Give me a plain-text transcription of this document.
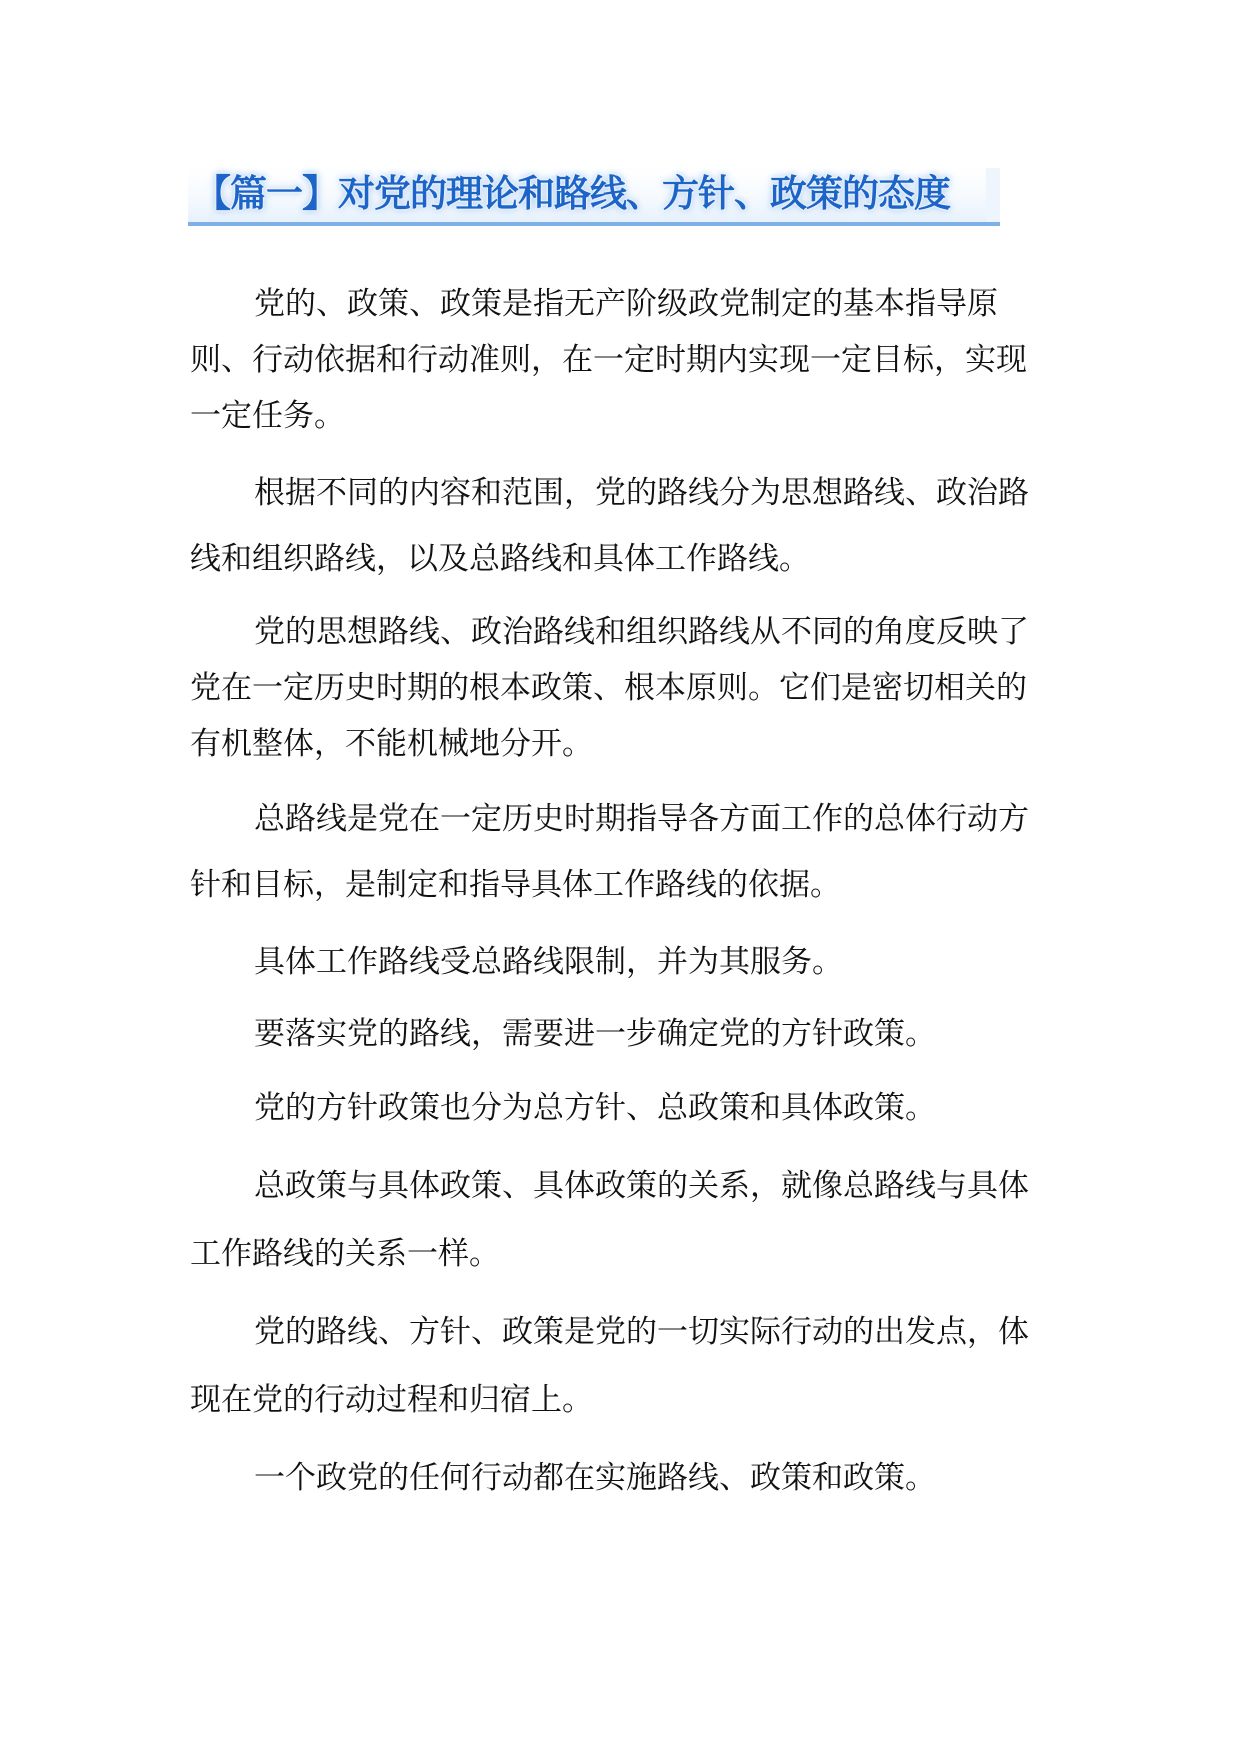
【篇一】对党的理论和路线、方针、政策的态度

党的、政策、政策是指无产阶级政党制定的基本指导原则、行动依据和行动准则，在一定时期内实现一定目标，实现一定任务。

根据不同的内容和范围，党的路线分为思想路线、政治路线和组织路线，以及总路线和具体工作路线。

党的思想路线、政治路线和组织路线从不同的角度反映了党在一定历史时期的根本政策、根本原则。它们是密切相关的有机整体，不能机械地分开。

总路线是党在一定历史时期指导各方面工作的总体行动方针和目标，是制定和指导具体工作路线的依据。

具体工作路线受总路线限制，并为其服务。

要落实党的路线，需要进一步确定党的方针政策。

党的方针政策也分为总方针、总政策和具体政策。

总政策与具体政策、具体政策的关系，就像总路线与具体工作路线的关系一样。

党的路线、方针、政策是党的一切实际行动的出发点，体现在党的行动过程和归宿上。

一个政党的任何行动都在实施路线、政策和政策。
